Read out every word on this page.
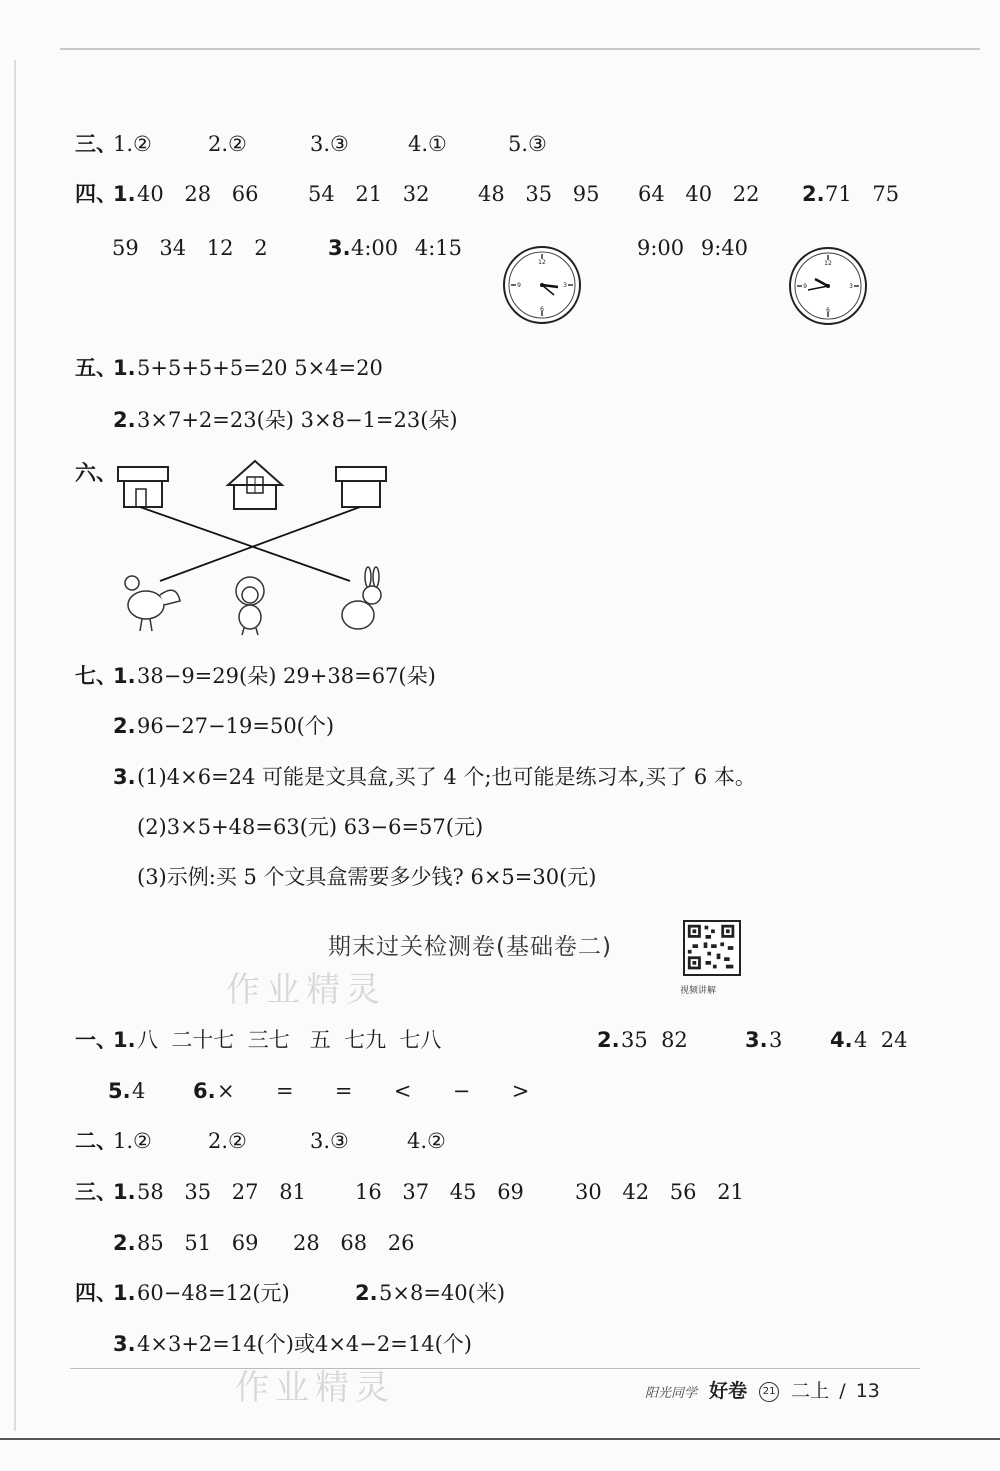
三、
1.②	2.②	3.③	4.①	5.③
四、
1. 40 28 66 54 21 32 48 35 95 64 40 22 2. 71 75
59 34 12 2	3. 4:00 4:15	9:00 9:40
12
3
6
9
12
3
6
9
五、
1. 5+5+5+5=20 5×4=20
2. 3×7+2=23(朵) 3×8−1=23(朵)
六、
七、
1. 38−9=29(朵) 29+38=67(朵)
2. 96−27−19=50(个)
3. (1)4×6=24 可能是文具盒,买了 4 个;也可能是练习本,买了 6 本。
(2)3×5+48=63(元) 63−6=57(元)
(3)示例:买 5 个文具盒需要多少钱? 6×5=30(元)
期末过关检测卷(基础卷二)
视频讲解
一、
1. 八  二十七  三七   五  七九  七八	2. 35  82	3. 3 4. 4  24
5. 4 6. ×  =  =  <  −  >
二、
1.②	2.②	3.③	4.②
三、
1. 58 35 27 81 16 37 45 69 30 42 56 21
2. 85 51 69 28 68 26
四、
1. 60−48=12(元)	2. 5×8=40(米)
3. 4×3+2=14(个)或4×4−2=14(个)
作业精灵
作业精灵	阳光同学 好卷 21 二上 / 13
